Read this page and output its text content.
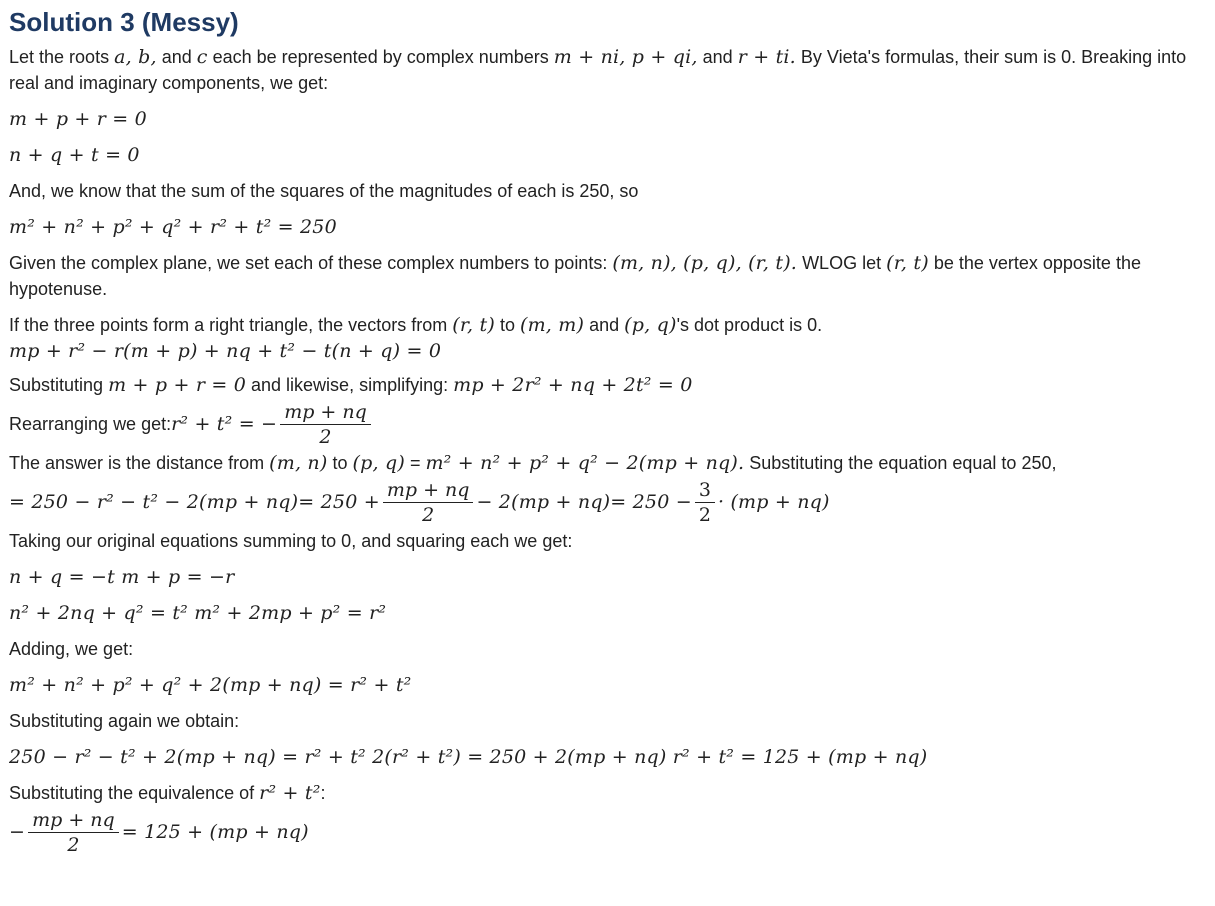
Solution 3 (Messy)

Let the roots a, b, and c each be represented by complex numbers m + ni, p + qi, and r + ti. By Vieta's formulas, their sum is 0. Breaking into real and imaginary components, we get:

m + p + r = 0

n + q + t = 0

And, we know that the sum of the squares of the magnitudes of each is 250, so

m² + n² + p² + q² + r² + t² = 250

Given the complex plane, we set each of these complex numbers to points: (m, n), (p, q), (r, t). WLOG let (r, t) be the vertex opposite the hypotenuse.

If the three points form a right triangle, the vectors from (r, t) to (m, m) and (p, q)'s dot product is 0.

mp + r² − r(m + p) + nq + t² − t(n + q) = 0

Substituting m + p + r = 0 and likewise, simplifying: mp + 2r² + nq + 2t² = 0

Rearranging we get: r² + t² = − $\frac{mp + nq}{2}$

The answer is the distance from (m, n) to (p, q) = m² + n² + p² + q² − 2(mp + nq). Substituting the equation equal to 250,

= $250 - r^2 - t^2 - 2(mp + nq)= 250 + \frac{mp + nq}{2} - 2(mp + nq)= 250 - \frac{3}{2} \cdot (mp + nq)$

Taking our original equations summing to 0, and squaring each we get:

n + q = −t m + p = −r

n² + 2nq + q² = t² m² + 2mp + p² = r²

Adding, we get:

m² + n² + p² + q² + 2(mp + nq) = r² + t²

Substituting again we obtain:

250 − r² − t² + 2(mp + nq) = r² + t² 2(r² + t²) = 250 + 2(mp + nq) r² + t² = 125 + (mp + nq)

Substituting the equivalence of r² + t²:

− $\frac{mp + nq}{2} = 125 + (mp + nq)$
